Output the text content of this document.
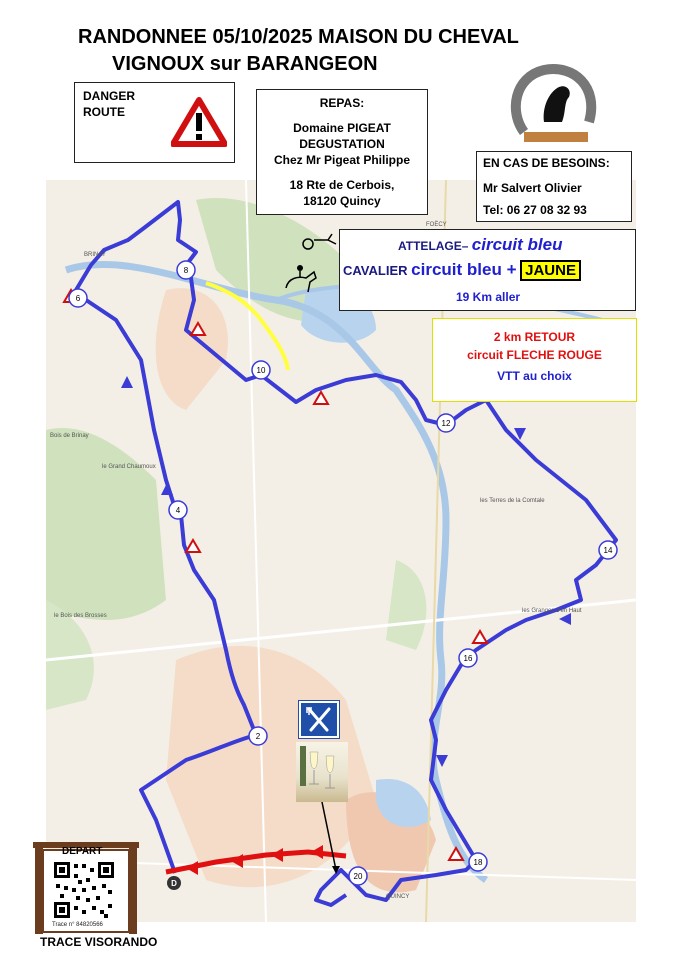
RANDONNEE 05/10/2025 MAISON DU CHEVAL
VIGNOUX sur BARANGEON
2
4
6
8
10
12
14
16
18
20
D
BRINAY
FOËCY
QUINCY
Bois de Brinay
le Bois des Brosses
le Grand Chaumoux
les Terres de la Comtale
les Granges d'en Haut
DANGER
ROUTE
REPAS:
Domaine PIGEAT
DEGUSTATION
Chez Mr Pigeat Philippe
18 Rte de Cerbois,
18120 Quincy
EN CAS DE BESOINS:
Mr Salvert Olivier
Tel: 06 27 08 32 93
ATTELAGE– circuit bleu
CAVALIER circuit bleu + JAUNE
19 Km aller
2 km RETOUR
circuit FLECHE ROUGE
VTT au choix
DEPART
Trace n° 84820566
TRACE VISORANDO
